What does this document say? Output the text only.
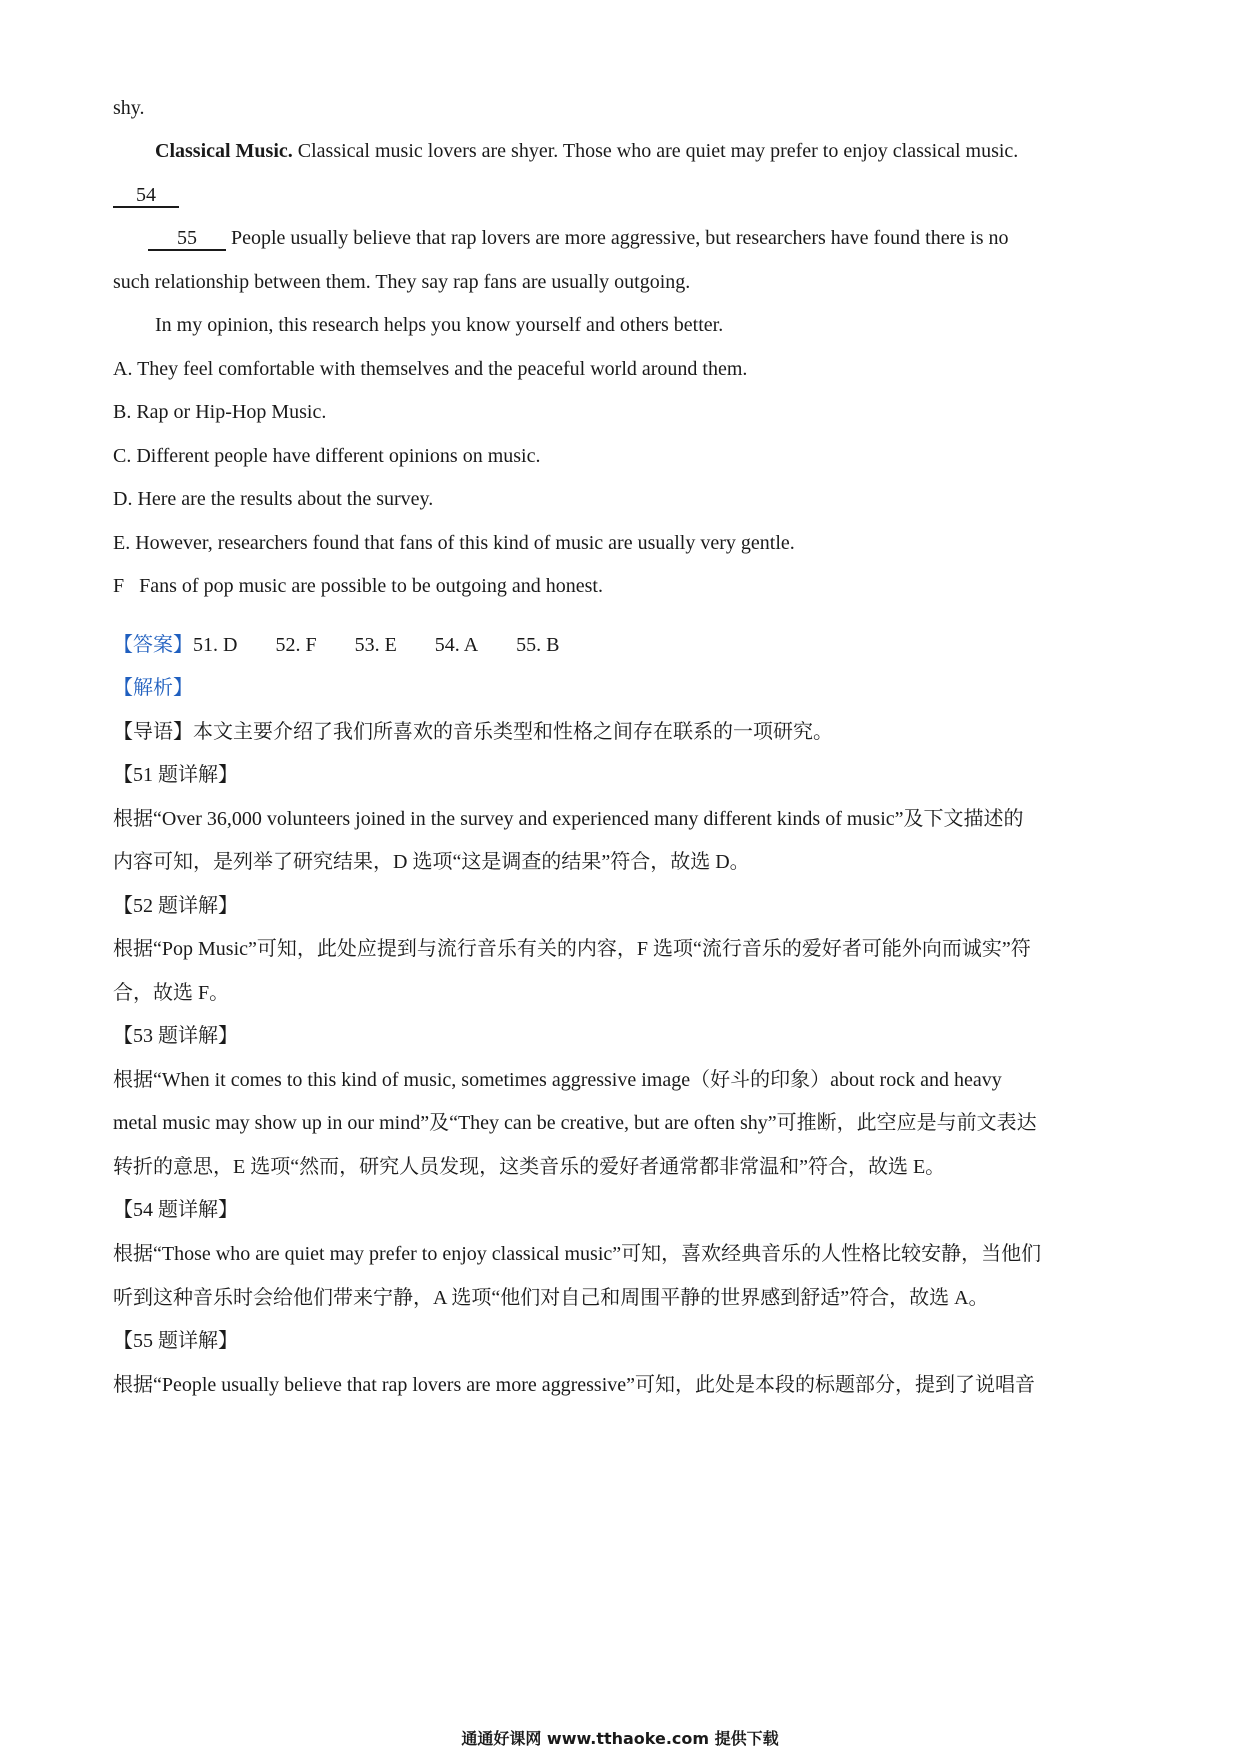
shy.
Classical Music. Classical music lovers are shyer. Those who are quiet may prefer to enjoy classical music.
54
55 People usually believe that rap lovers are more aggressive, but researchers have found there is no
such relationship between them. They say rap fans are usually outgoing.
In my opinion, this research helps you know yourself and others better.
A. They feel comfortable with themselves and the peaceful world around them.
B. Rap or Hip-Hop Music.
C. Different people have different opinions on music.
D. Here are the results about the survey.
E. However, researchers found that fans of this kind of music are usually very gentle.
F   Fans of pop music are possible to be outgoing and honest.
【答案】51. D 52. F 53. E 54. A 55. B
【解析】
【导语】本文主要介绍了我们所喜欢的音乐类型和性格之间存在联系的一项研究。
【51 题详解】
根据“Over 36,000 volunteers joined in the survey and experienced many different kinds of music”及下文描述的
内容可知，是列举了研究结果，D 选项“这是调查的结果”符合，故选 D。
【52 题详解】
根据“Pop Music”可知，此处应提到与流行音乐有关的内容，F 选项“流行音乐的爱好者可能外向而诚实”符
合，故选 F。
【53 题详解】
根据“When it comes to this kind of music, sometimes aggressive image（好斗的印象）about rock and heavy
metal music may show up in our mind”及“They can be creative, but are often shy”可推断，此空应是与前文表达
转折的意思，E 选项“然而，研究人员发现，这类音乐的爱好者通常都非常温和”符合，故选 E。
【54 题详解】
根据“Those who are quiet may prefer to enjoy classical music”可知，喜欢经典音乐的人性格比较安静，当他们
听到这种音乐时会给他们带来宁静，A 选项“他们对自己和周围平静的世界感到舒适”符合，故选 A。
【55 题详解】
根据“People usually believe that rap lovers are more aggressive”可知，此处是本段的标题部分，提到了说唱音
通通好课网 www.tthaoke.com 提供下载
